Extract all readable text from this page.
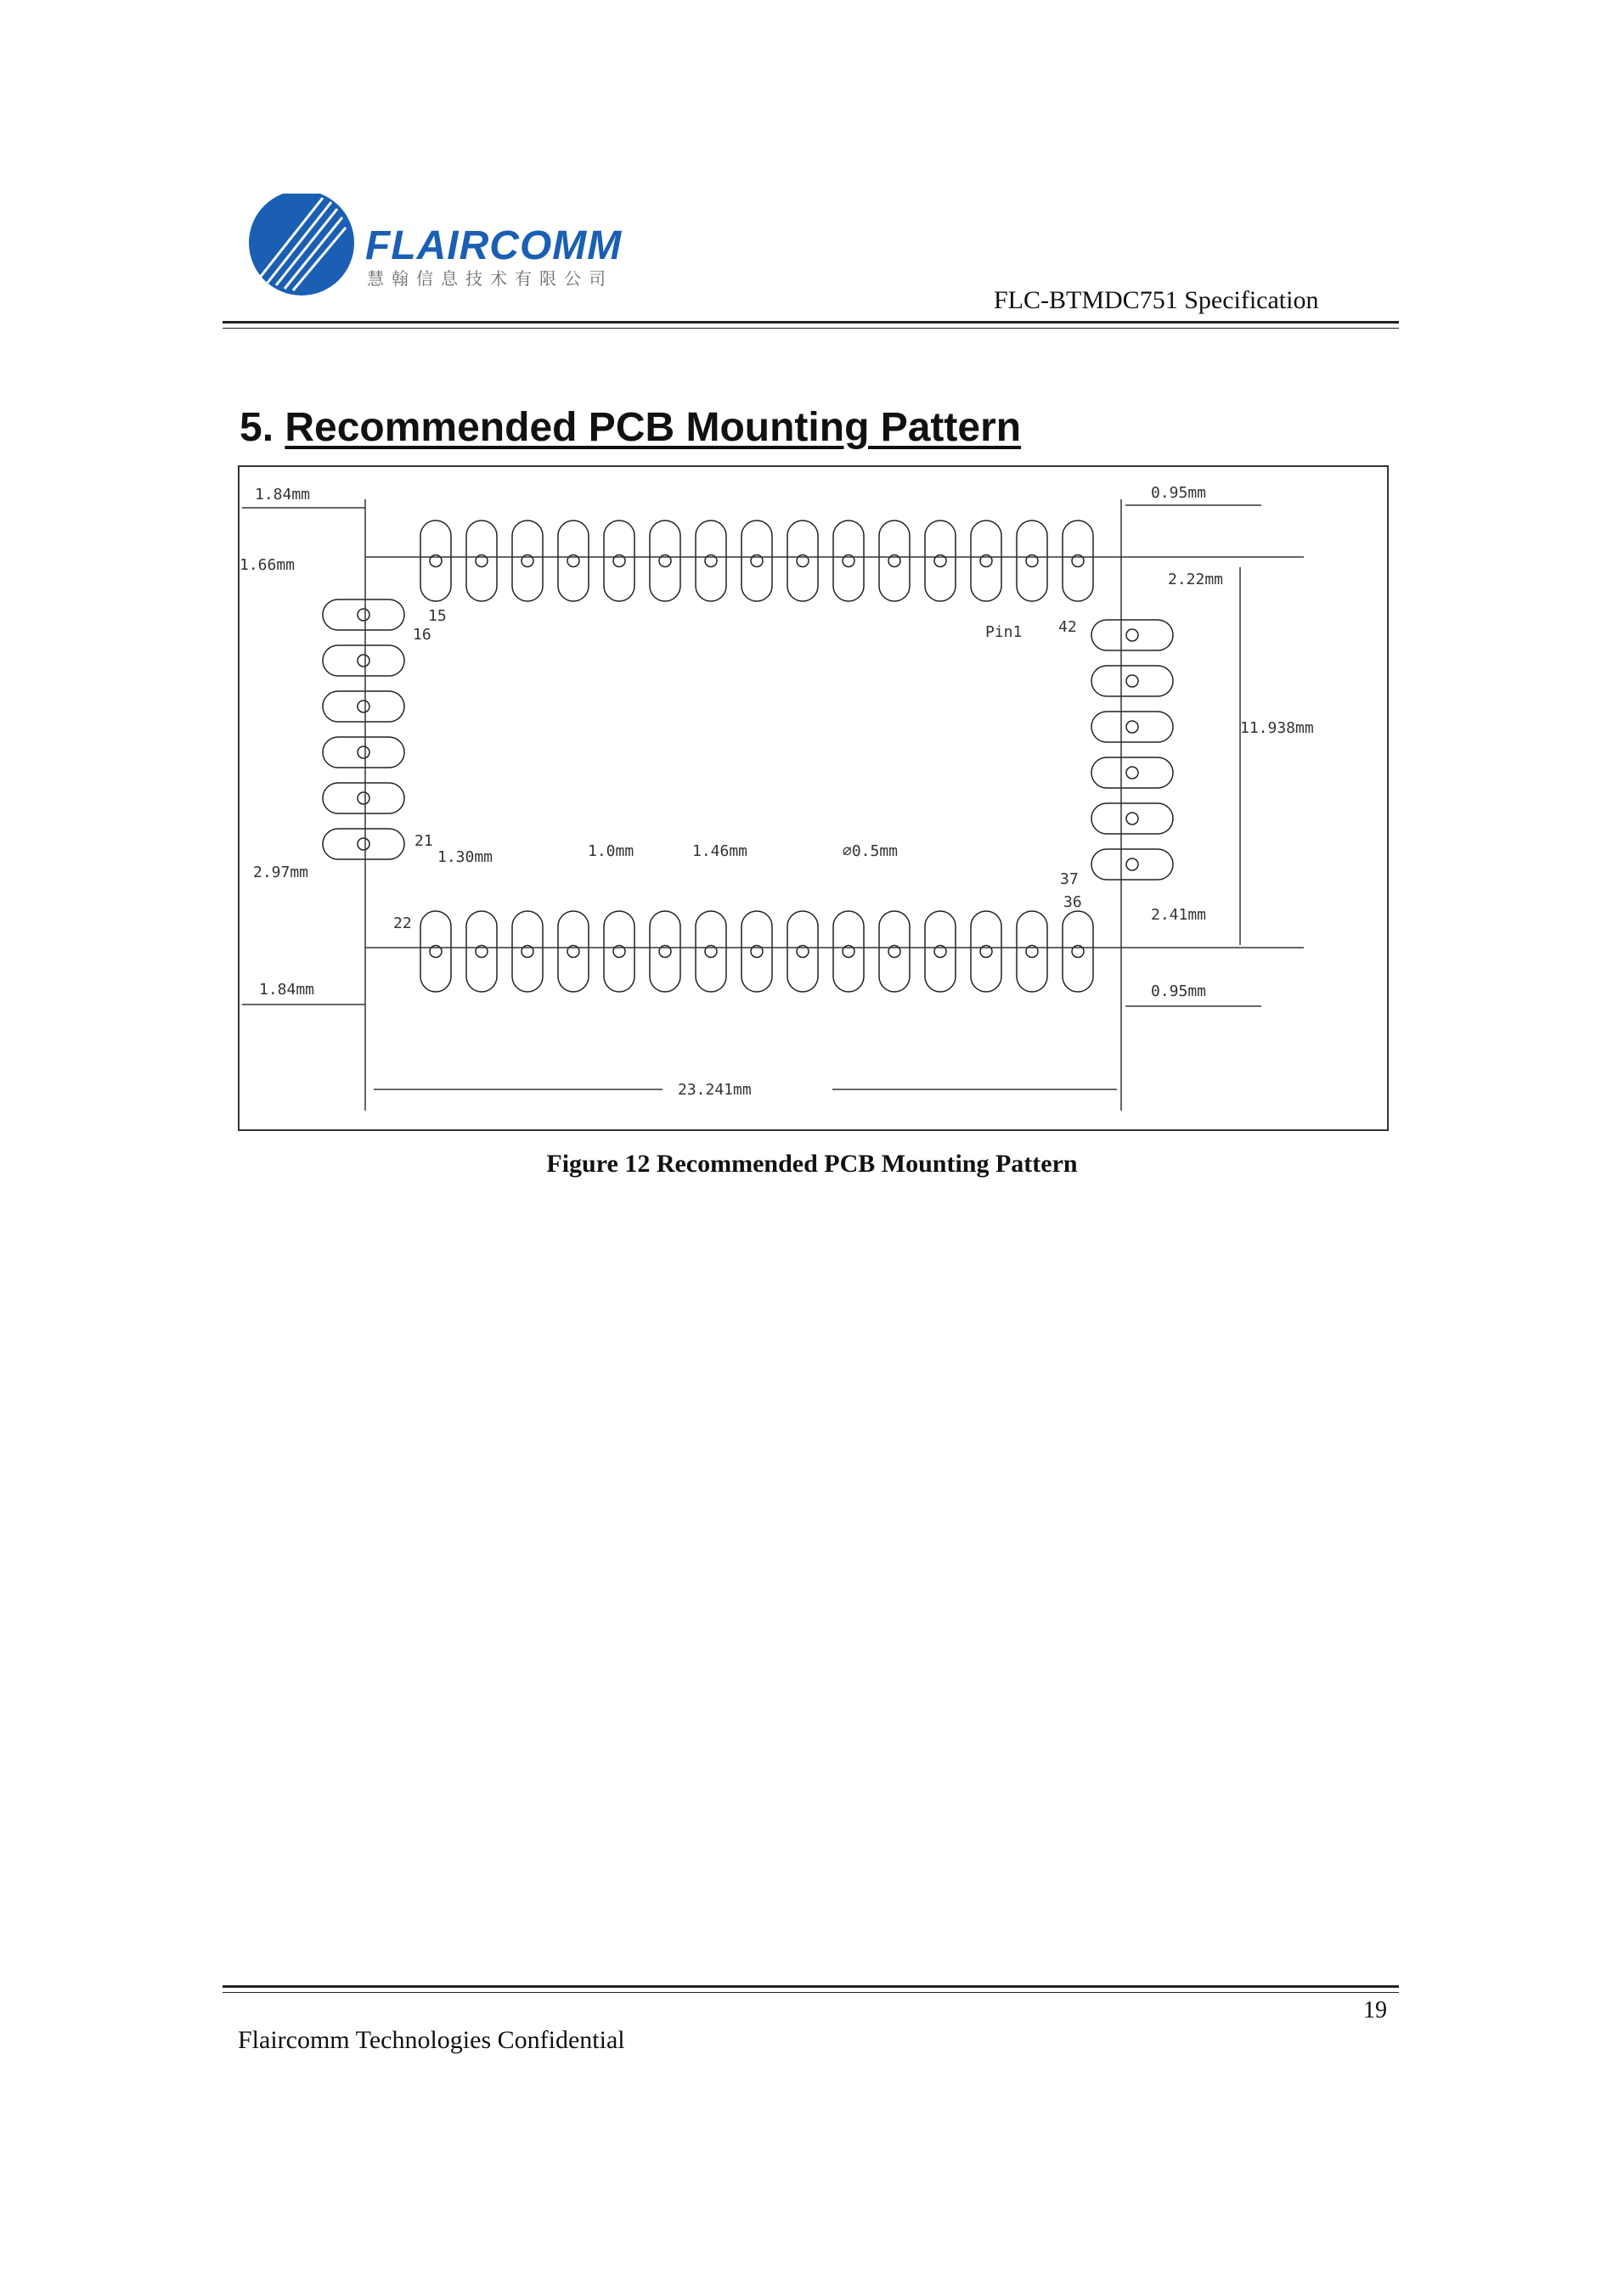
FLAIRCOMM
慧翰信息技术有限公司
FLC-BTMDC751 Specification
5. Recommended PCB Mounting Pattern
1.84mm	0.95mm
1.66mm
2.22mm
11.938mm
2.97mm
2.41mm
1.84mm	0.95mm
1.30mm	1.0mm	1.46mm	⌀0.5mm
23.241mm
Pin1
15
16
21
22
36
37
42
Figure 12 Recommended PCB Mounting Pattern
19
Flaircomm Technologies Confidential
